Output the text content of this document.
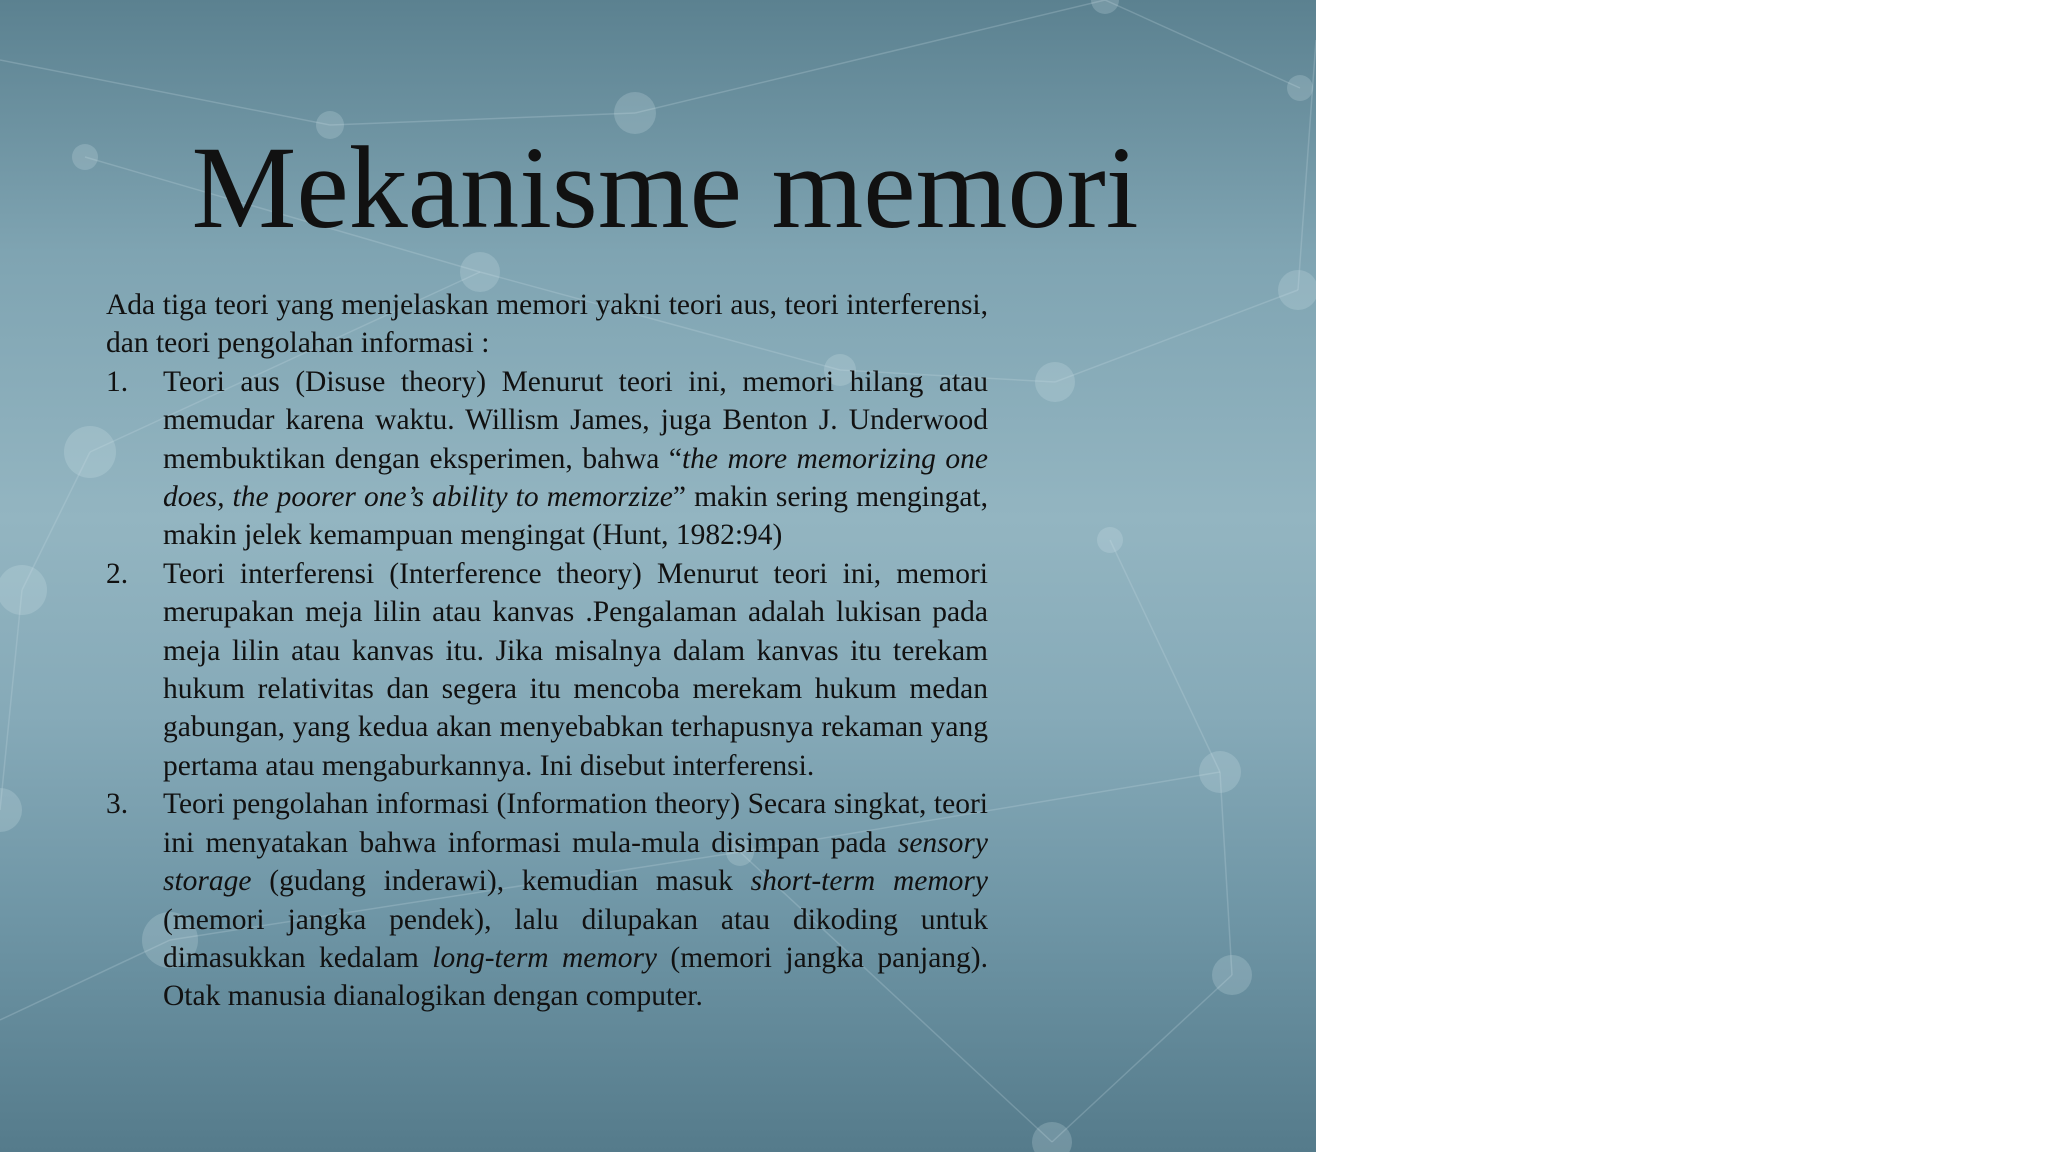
Mekanisme memori

Ada tiga teori yang menjelaskan memori yakni teori aus, teori interferensi, dan teori pengolahan informasi :

1. Teori aus (Disuse theory) Menurut teori ini, memori hilang atau memudar karena waktu. Willism James, juga Benton J. Underwood membuktikan dengan eksperimen, bahwa “the more memorizing one does, the poorer one’s ability to memorzize” makin sering mengingat, makin jelek kemampuan mengingat (Hunt, 1982:94)
2. Teori interferensi (Interference theory) Menurut teori ini, memori merupakan meja lilin atau kanvas .Pengalaman adalah lukisan pada meja lilin atau kanvas itu. Jika misalnya dalam kanvas itu terekam hukum relativitas dan segera itu mencoba merekam hukum medan gabungan, yang kedua akan menyebabkan terhapusnya rekaman yang pertama atau mengaburkannya. Ini disebut interferensi.
3. Teori pengolahan informasi (Information theory) Secara singkat, teori ini menyatakan bahwa informasi mula-mula disimpan pada sensory storage (gudang inderawi), kemudian masuk short-term memory (memori jangka pendek), lalu dilupakan atau dikoding untuk dimasukkan kedalam long-term memory (memori jangka panjang). Otak manusia dianalogikan dengan computer.
